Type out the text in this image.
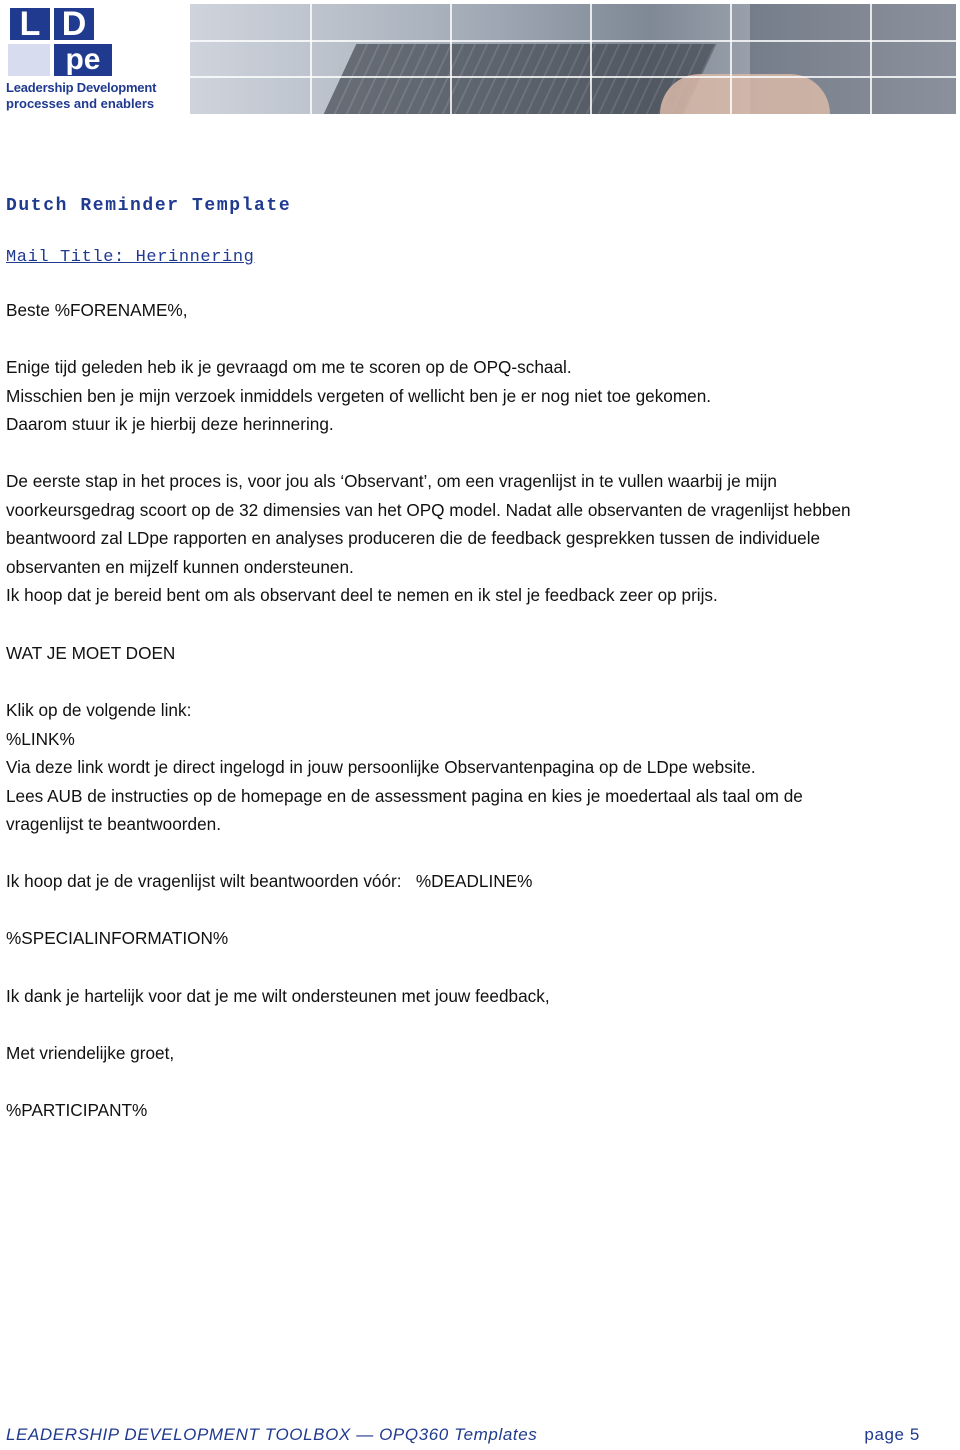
L D
pe
Leadership Development
processes and enablers
Dutch Reminder Template
Mail Title: Herinnering
Beste %FORENAME%,
Enige tijd geleden heb ik je gevraagd om me te scoren op de OPQ-schaal.
Misschien ben je mijn verzoek inmiddels vergeten of wellicht ben je er nog niet toe gekomen.
Daarom stuur ik je hierbij deze herinnering.
De eerste stap in het proces is, voor jou als ‘Observant’, om een vragenlijst in te vullen waarbij je mijn
voorkeursgedrag scoort op de 32 dimensies van het OPQ model. Nadat alle observanten de vragenlijst hebben
beantwoord zal LDpe rapporten en analyses produceren die de feedback gesprekken tussen de individuele
observanten en mijzelf kunnen ondersteunen.
Ik hoop dat je bereid bent om als observant deel te nemen en ik stel je feedback zeer op prijs.
WAT JE MOET DOEN
Klik op de volgende link:
%LINK%
Via deze link wordt je direct ingelogd in jouw persoonlijke Observantenpagina op de LDpe website.
Lees AUB de instructies op de homepage en de assessment pagina en kies je moedertaal als taal om de
vragenlijst te beantwoorden.
Ik hoop dat je de vragenlijst wilt beantwoorden vóór:   %DEADLINE%
%SPECIALINFORMATION%
Ik dank je hartelijk voor dat je me wilt ondersteunen met jouw feedback,
Met vriendelijke groet,
%PARTICIPANT%
LEADERSHIP DEVELOPMENT TOOLBOX — OPQ360 Templates	page 5
